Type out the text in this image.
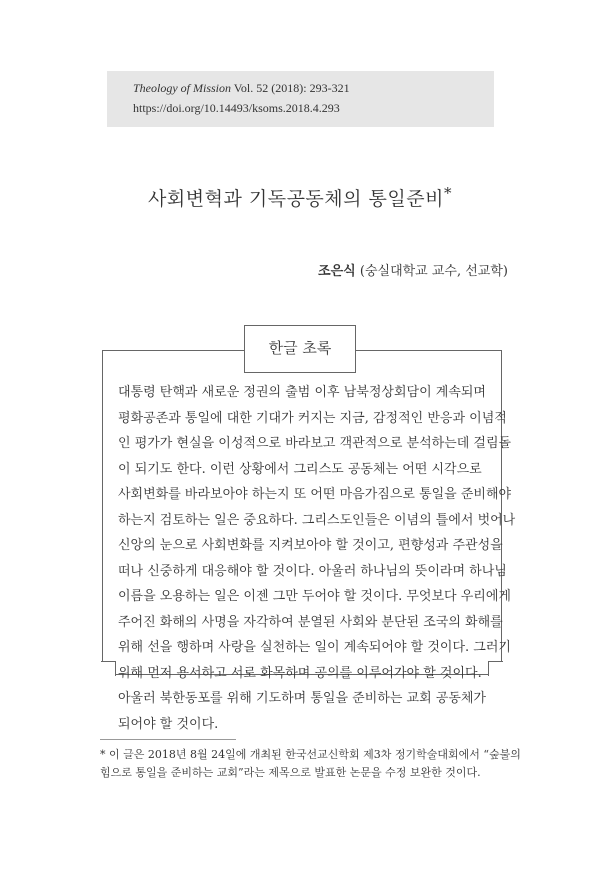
Theology of Mission Vol. 52 (2018): 293-321
https://doi.org/10.14493/ksoms.2018.4.293
사회변혁과 기독공동체의 통일준비*
조은식 (숭실대학교 교수, 선교학)
한글 초록
대통령 탄핵과 새로운 정권의 출범 이후 남북정상회담이 계속되며
평화공존과 통일에 대한 기대가 커지는 지금, 감정적인 반응과 이념적
인 평가가 현실을 이성적으로 바라보고 객관적으로 분석하는데 걸림돌
이 되기도 한다. 이런 상황에서 그리스도 공동체는 어떤 시각으로
사회변화를 바라보아야 하는지 또 어떤 마음가짐으로 통일을 준비해야
하는지 검토하는 일은 중요하다. 그리스도인들은 이념의 틀에서 벗어나
신앙의 눈으로 사회변화를 지켜보아야 할 것이고, 편향성과 주관성을
떠나 신중하게 대응해야 할 것이다. 아울러 하나님의 뜻이라며 하나님
이름을 오용하는 일은 이젠 그만 두어야 할 것이다. 무엇보다 우리에게
주어진 화해의 사명을 자각하여 분열된 사회와 분단된 조국의 화해를
위해 선을 행하며 사랑을 실천하는 일이 계속되어야 할 것이다. 그러기
위해 먼저 용서하고 서로 화목하며 공의를 이루어가야 할 것이다.
아울러 북한동포를 위해 기도하며 통일을 준비하는 교회 공동체가
되어야 할 것이다.
* 이 글은 2018년 8월 24일에 개최된 한국선교신학회 제3차 정기학술대회에서 “숲불의
힘으로 통일을 준비하는 교회”라는 제목으로 발표한 논문을 수정 보완한 것이다.
